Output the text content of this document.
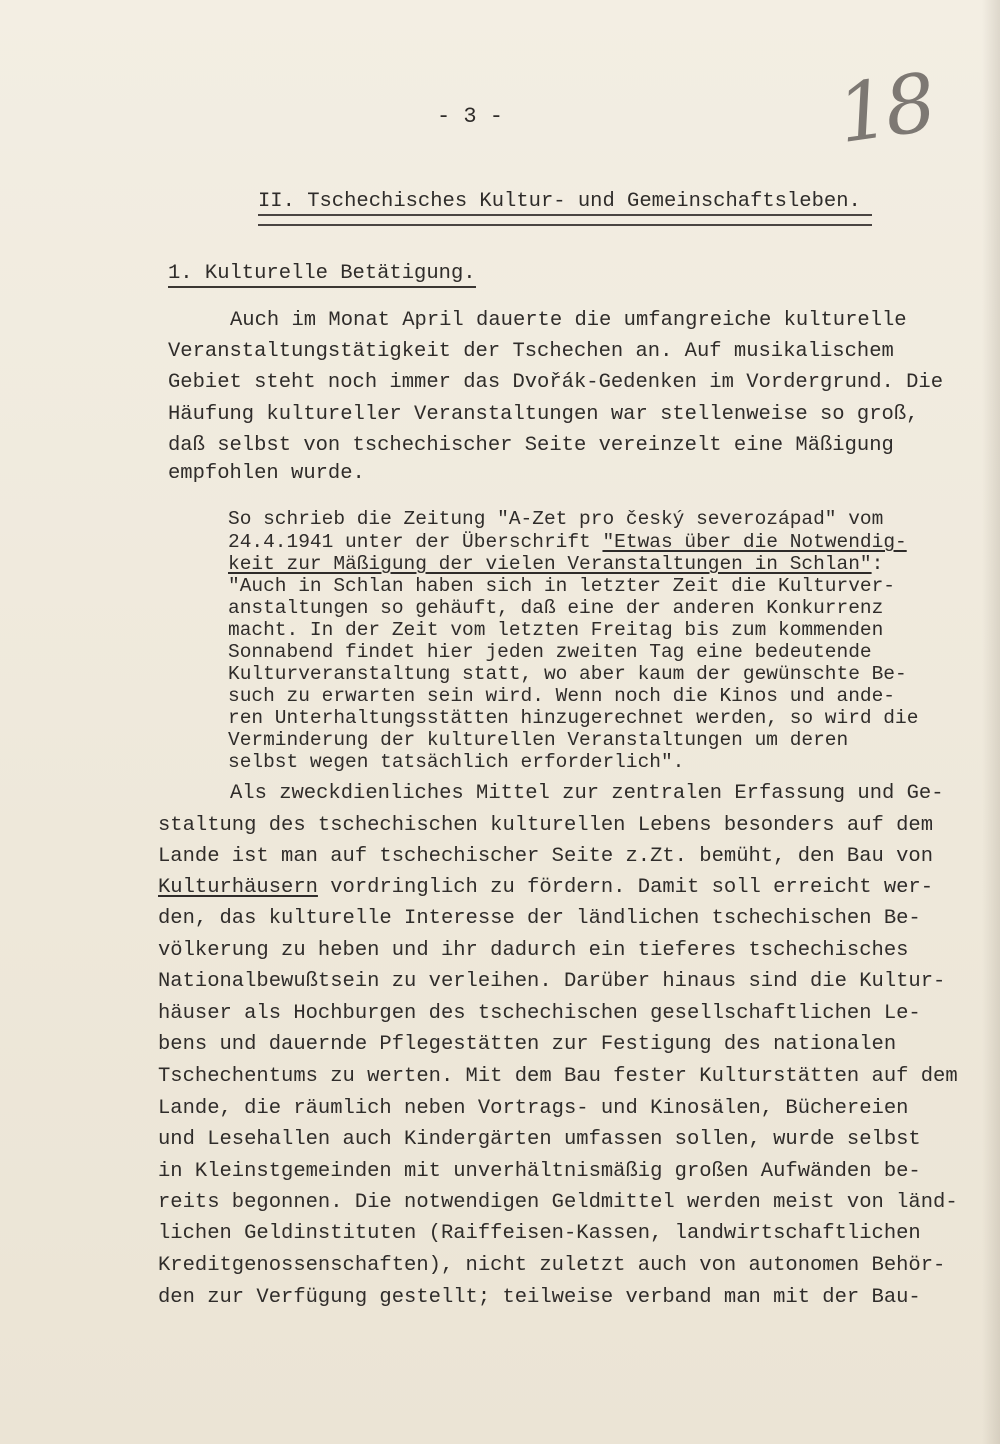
- 3 -	18
II. Tschechisches Kultur- und Gemeinschaftsleben.
1. Kulturelle Betätigung.

Auch im Monat April dauerte die umfangreiche kulturelle

Veranstaltungstätigkeit der Tschechen an. Auf musikalischem

Gebiet steht noch immer das Dvořák-Gedenken im Vordergrund. Die

Häufung kultureller Veranstaltungen war stellenweise so groß,

daß selbst von tschechischer Seite vereinzelt eine Mäßigung

empfohlen wurde.

So schrieb die Zeitung "A-Zet pro český severozápad" vom

24.4.1941 unter der Überschrift "Etwas über die Notwendig-

keit zur Mäßigung der vielen Veranstaltungen in Schlan":

"Auch in Schlan haben sich in letzter Zeit die Kulturver-

anstaltungen so gehäuft, daß eine der anderen Konkurrenz

macht. In der Zeit vom letzten Freitag bis zum kommenden

Sonnabend findet hier jeden zweiten Tag eine bedeutende

Kulturveranstaltung statt, wo aber kaum der gewünschte Be-

such zu erwarten sein wird. Wenn noch die Kinos und ande-

ren Unterhaltungsstätten hinzugerechnet werden, so wird die

Verminderung der kulturellen Veranstaltungen um deren

selbst wegen tatsächlich erforderlich".

Als zweckdienliches Mittel zur zentralen Erfassung und Ge-

staltung des tschechischen kulturellen Lebens besonders auf dem

Lande ist man auf tschechischer Seite z.Zt. bemüht, den Bau von

Kulturhäusern vordringlich zu fördern. Damit soll erreicht wer-

den, das kulturelle Interesse der ländlichen tschechischen Be-

völkerung zu heben und ihr dadurch ein tieferes tschechisches

Nationalbewußtsein zu verleihen. Darüber hinaus sind die Kultur-

häuser als Hochburgen des tschechischen gesellschaftlichen Le-

bens und dauernde Pflegestätten zur Festigung des nationalen

Tschechentums zu werten. Mit dem Bau fester Kulturstätten auf dem

Lande, die räumlich neben Vortrags- und Kinosälen, Büchereien

und Lesehallen auch Kindergärten umfassen sollen, wurde selbst

in Kleinstgemeinden mit unverhältnismäßig großen Aufwänden be-

reits begonnen. Die notwendigen Geldmittel werden meist von länd-

lichen Geldinstituten (Raiffeisen-Kassen, landwirtschaftlichen

Kreditgenossenschaften), nicht zuletzt auch von autonomen Behör-

den zur Verfügung gestellt; teilweise verband man mit der Bau-
